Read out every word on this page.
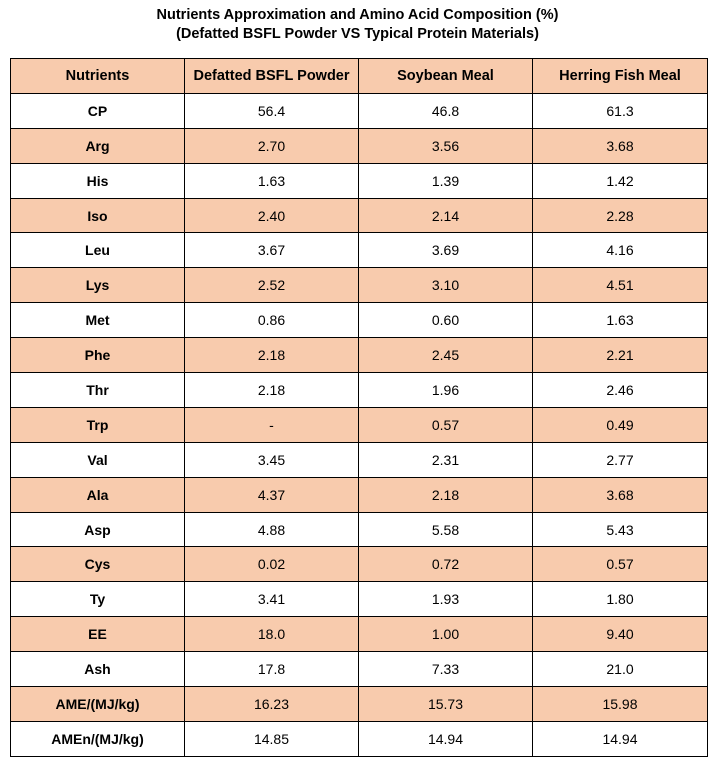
Nutrients Approximation and Amino Acid Composition (%)
(Defatted BSFL Powder VS Typical Protein Materials)
Nutrients	Defatted BSFL Powder	Soybean Meal	Herring Fish Meal
CP	56.4	46.8	61.3
Arg	2.70	3.56	3.68
His	1.63	1.39	1.42
Iso	2.40	2.14	2.28
Leu	3.67	3.69	4.16
Lys	2.52	3.10	4.51
Met	0.86	0.60	1.63
Phe	2.18	2.45	2.21
Thr	2.18	1.96	2.46
Trp	-	0.57	0.49
Val	3.45	2.31	2.77
Ala	4.37	2.18	3.68
Asp	4.88	5.58	5.43
Cys	0.02	0.72	0.57
Ty	3.41	1.93	1.80
EE	18.0	1.00	9.40
Ash	17.8	7.33	21.0
AME/(MJ/kg)	16.23	15.73	15.98
AMEn/(MJ/kg)	14.85	14.94	14.94
